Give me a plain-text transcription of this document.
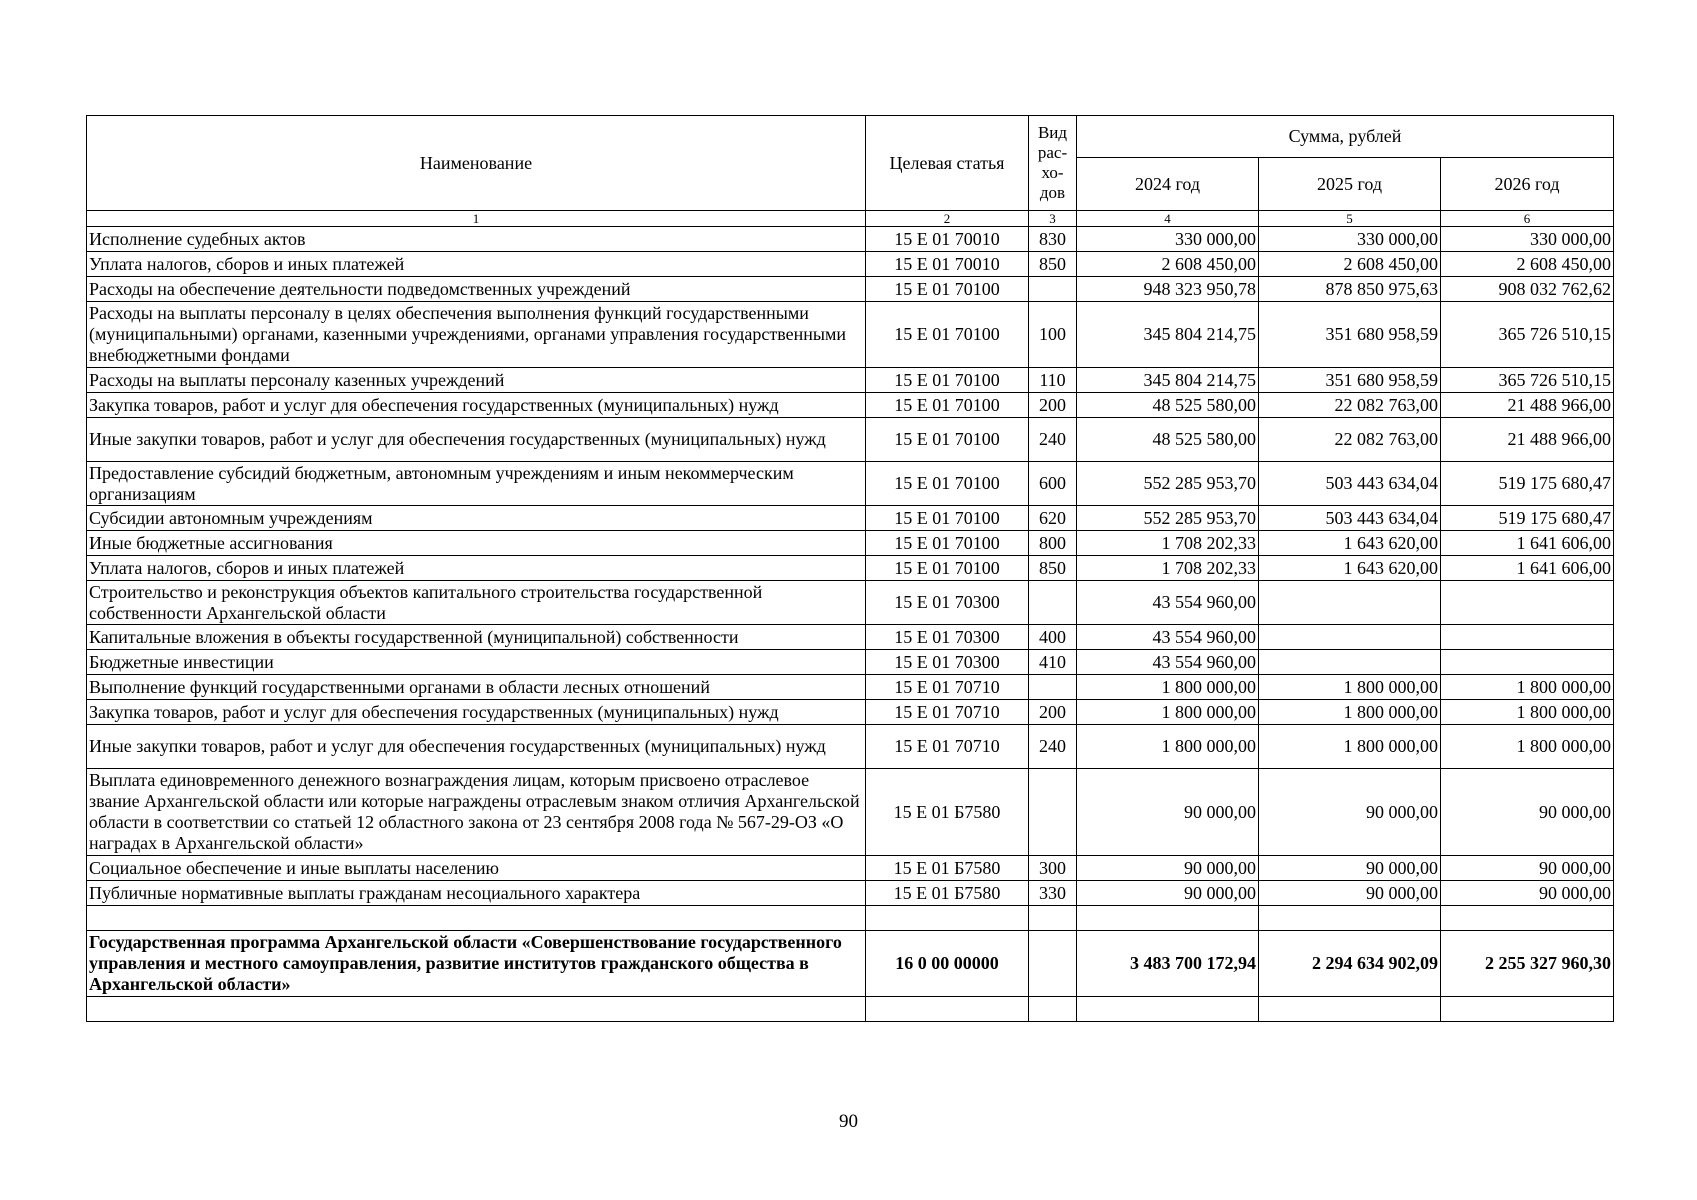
Наименование	Целевая статья	Вид рас-хо-дов	Сумма, рублей		
			2024 год	2025 год	2026 год
1	2	3	4	5	6
Исполнение судебных актов	15 Е 01 70010	830	330 000,00	330 000,00	330 000,00
Уплата налогов, сборов и иных платежей	15 Е 01 70010	850	2 608 450,00	2 608 450,00	2 608 450,00
Расходы на обеспечение деятельности подведомственных учреждений	15 Е 01 70100		948 323 950,78	878 850 975,63	908 032 762,62
Расходы на выплаты персоналу в целях обеспечения выполнения функций государственными (муниципальными) органами, казенными учреждениями, органами управления государственными внебюджетными фондами	15 Е 01 70100	100	345 804 214,75	351 680 958,59	365 726 510,15
Расходы на выплаты персоналу казенных учреждений	15 Е 01 70100	110	345 804 214,75	351 680 958,59	365 726 510,15
Закупка товаров, работ и услуг для обеспечения государственных (муниципальных) нужд	15 Е 01 70100	200	48 525 580,00	22 082 763,00	21 488 966,00
Иные закупки товаров, работ и услуг для обеспечения государственных (муниципальных) нужд	15 Е 01 70100	240	48 525 580,00	22 082 763,00	21 488 966,00
Предоставление субсидий бюджетным, автономным учреждениям и иным некоммерческим организациям	15 Е 01 70100	600	552 285 953,70	503 443 634,04	519 175 680,47
Субсидии автономным учреждениям	15 Е 01 70100	620	552 285 953,70	503 443 634,04	519 175 680,47
Иные бюджетные ассигнования	15 Е 01 70100	800	1 708 202,33	1 643 620,00	1 641 606,00
Уплата налогов, сборов и иных платежей	15 Е 01 70100	850	1 708 202,33	1 643 620,00	1 641 606,00
Строительство и реконструкция объектов капитального строительства государственной собственности Архангельской области	15 Е 01 70300		43 554 960,00		
Капитальные вложения в объекты государственной (муниципальной) собственности	15 Е 01 70300	400	43 554 960,00		
Бюджетные инвестиции	15 Е 01 70300	410	43 554 960,00		
Выполнение функций государственными органами в области лесных отношений	15 Е 01 70710		1 800 000,00	1 800 000,00	1 800 000,00
Закупка товаров, работ и услуг для обеспечения государственных (муниципальных) нужд	15 Е 01 70710	200	1 800 000,00	1 800 000,00	1 800 000,00
Иные закупки товаров, работ и услуг для обеспечения государственных (муниципальных) нужд	15 Е 01 70710	240	1 800 000,00	1 800 000,00	1 800 000,00
Выплата единовременного денежного вознаграждения лицам, которым присвоено отраслевое звание Архангельской области или которые награждены отраслевым знаком отличия Архангельской области в соответствии со статьей 12 областного закона от 23 сентября 2008 года № 567-29-ОЗ «О наградах в Архангельской области»	15 Е 01 Б7580		90 000,00	90 000,00	90 000,00
Социальное обеспечение и иные выплаты населению	15 Е 01 Б7580	300	90 000,00	90 000,00	90 000,00
Публичные нормативные выплаты гражданам несоциального характера	15 Е 01 Б7580	330	90 000,00	90 000,00	90 000,00

Государственная программа Архангельской области «Совершенствование государственного управления и местного самоуправления, развитие институтов гражданского общества в Архангельской области»	16 0 00 00000		3 483 700 172,94	2 294 634 902,09	2 255 327 960,30

90
